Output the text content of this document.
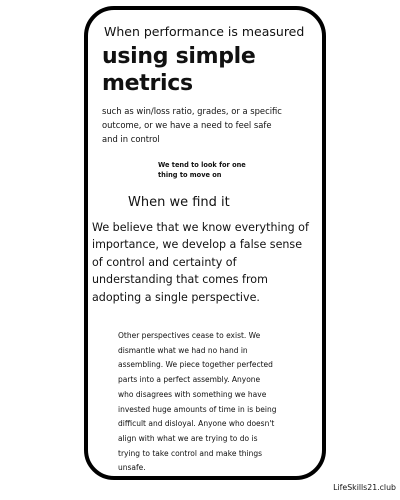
When performance is measured

using simple
metrics

such as win/loss ratio, grades, or a specific
outcome, or we have a need to feel safe
and in control

We tend to look for one
thing to move on

When we find it

We believe that we know everything of
importance, we develop a false sense
of control and certainty of
understanding that comes from
adopting a single perspective.

Other perspectives cease to exist. We
dismantle what we had no hand in
assembling. We piece together perfected
parts into a perfect assembly. Anyone
who disagrees with something we have
invested huge amounts of time in is being
difficult and disloyal. Anyone who doesn't
align with what we are trying to do is
trying to take control and make things
unsafe.

LifeSkills21.club
